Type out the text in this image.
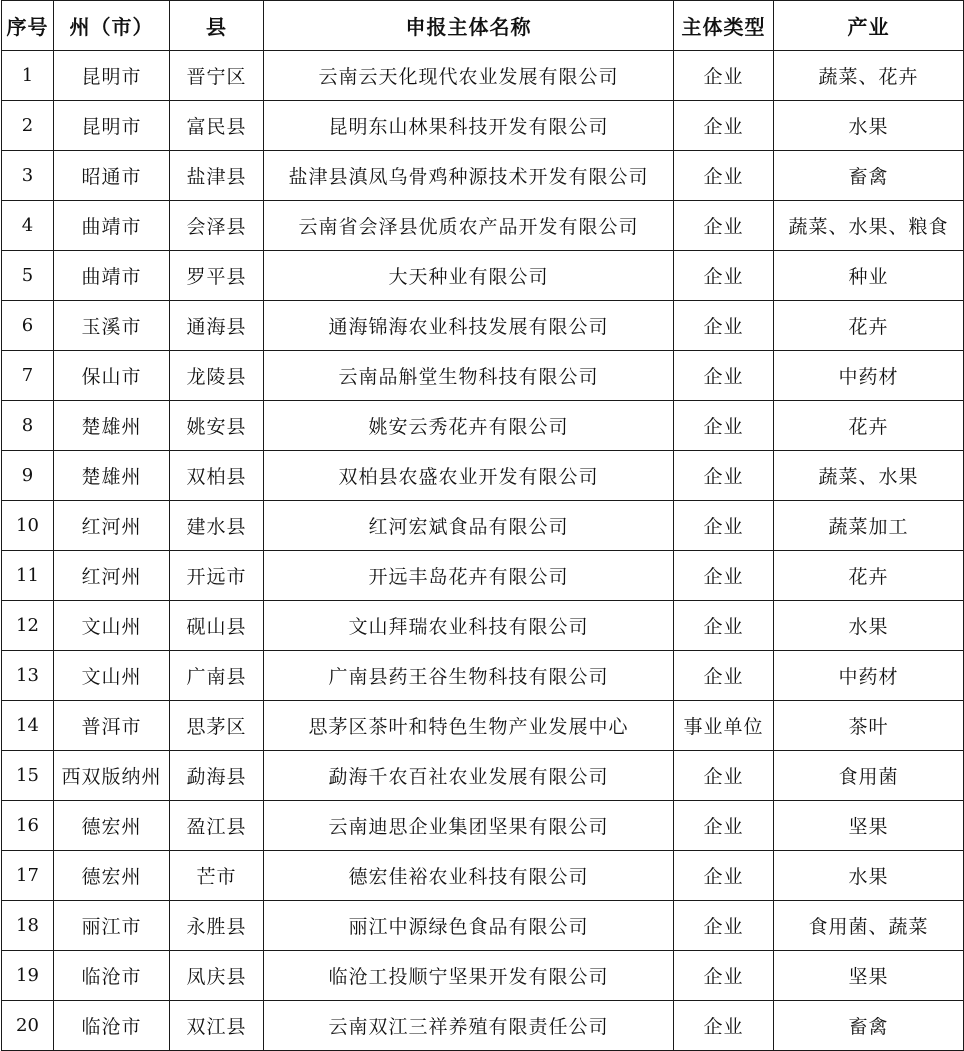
序号	州（市）	县	申报主体名称	主体类型	产业
1	昆明市	晋宁区	云南云天化现代农业发展有限公司	企业	蔬菜、花卉
2	昆明市	富民县	昆明东山林果科技开发有限公司	企业	水果
3	昭通市	盐津县	盐津县滇凤乌骨鸡种源技术开发有限公司	企业	畜禽
4	曲靖市	会泽县	云南省会泽县优质农产品开发有限公司	企业	蔬菜、水果、粮食
5	曲靖市	罗平县	大天种业有限公司	企业	种业
6	玉溪市	通海县	通海锦海农业科技发展有限公司	企业	花卉
7	保山市	龙陵县	云南品斛堂生物科技有限公司	企业	中药材
8	楚雄州	姚安县	姚安云秀花卉有限公司	企业	花卉
9	楚雄州	双柏县	双柏县农盛农业开发有限公司	企业	蔬菜、水果
10	红河州	建水县	红河宏斌食品有限公司	企业	蔬菜加工
11	红河州	开远市	开远丰岛花卉有限公司	企业	花卉
12	文山州	砚山县	文山拜瑞农业科技有限公司	企业	水果
13	文山州	广南县	广南县药王谷生物科技有限公司	企业	中药材
14	普洱市	思茅区	思茅区茶叶和特色生物产业发展中心	事业单位	茶叶
15	西双版纳州	勐海县	勐海千农百社农业发展有限公司	企业	食用菌
16	德宏州	盈江县	云南迪思企业集团坚果有限公司	企业	坚果
17	德宏州	芒市	德宏佳裕农业科技有限公司	企业	水果
18	丽江市	永胜县	丽江中源绿色食品有限公司	企业	食用菌、蔬菜
19	临沧市	凤庆县	临沧工投顺宁坚果开发有限公司	企业	坚果
20	临沧市	双江县	云南双江三祥养殖有限责任公司	企业	畜禽
